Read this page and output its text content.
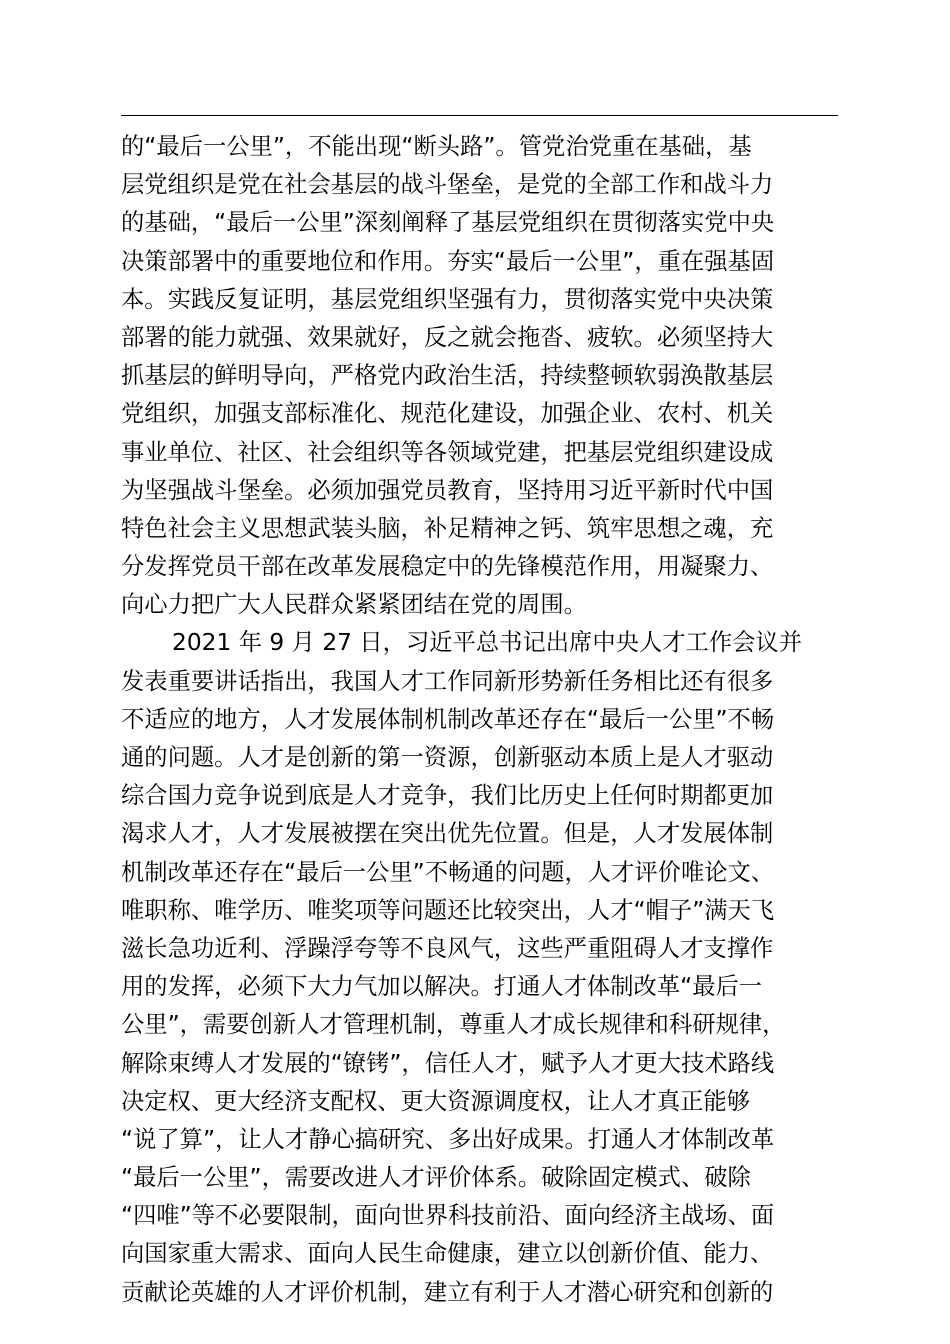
的“最后一公里”，不能出现“断头路”。管党治党重在基础，基
层党组织是党在社会基层的战斗堡垒，是党的全部工作和战斗力
的基础，“最后一公里”深刻阐释了基层党组织在贯彻落实党中央
决策部署中的重要地位和作用。夯实“最后一公里”，重在强基固
本。实践反复证明，基层党组织坚强有力，贯彻落实党中央决策
部署的能力就强、效果就好，反之就会拖沓、疲软。必须坚持大
抓基层的鲜明导向，严格党内政治生活，持续整顿软弱涣散基层
党组织，加强支部标准化、规范化建设，加强企业、农村、机关
事业单位、社区、社会组织等各领域党建，把基层党组织建设成
为坚强战斗堡垒。必须加强党员教育，坚持用习近平新时代中国
特色社会主义思想武装头脑，补足精神之钙、筑牢思想之魂，充
分发挥党员干部在改革发展稳定中的先锋模范作用，用凝聚力、
向心力把广大人民群众紧紧团结在党的周围。
2021 年 9 月 27 日，习近平总书记出席中央人才工作会议并
发表重要讲话指出，我国人才工作同新形势新任务相比还有很多
不适应的地方，人才发展体制机制改革还存在“最后一公里”不畅
通的问题。人才是创新的第一资源，创新驱动本质上是人才驱动
综合国力竞争说到底是人才竞争，我们比历史上任何时期都更加
渴求人才，人才发展被摆在突出优先位置。但是，人才发展体制
机制改革还存在“最后一公里”不畅通的问题，人才评价唯论文、
唯职称、唯学历、唯奖项等问题还比较突出，人才“帽子”满天飞
滋长急功近利、浮躁浮夸等不良风气，这些严重阻碍人才支撑作
用的发挥，必须下大力气加以解决。打通人才体制改革“最后一
公里”，需要创新人才管理机制，尊重人才成长规律和科研规律，
解除束缚人才发展的“镣铐”，信任人才，赋予人才更大技术路线
决定权、更大经济支配权、更大资源调度权，让人才真正能够
“说了算”，让人才静心搞研究、多出好成果。打通人才体制改革
“最后一公里”，需要改进人才评价体系。破除固定模式、破除
“四唯”等不必要限制，面向世界科技前沿、面向经济主战场、面
向国家重大需求、面向人民生命健康，建立以创新价值、能力、
贡献论英雄的人才评价机制，建立有利于人才潜心研究和创新的
